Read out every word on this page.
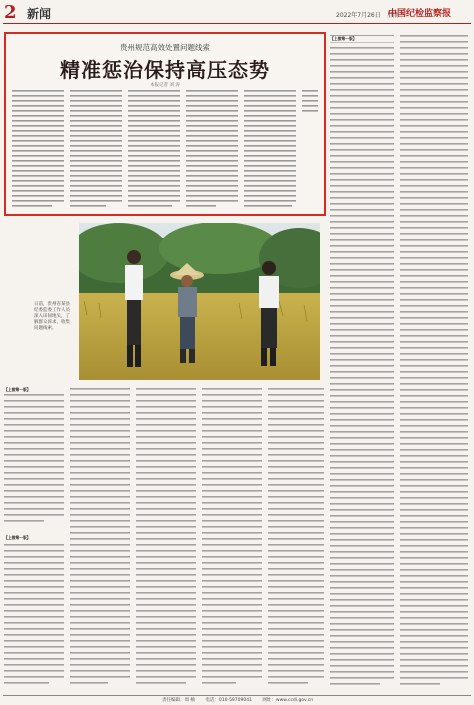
2 新闻	2022年7月26日　星期二
中国纪检监察报
贵州规范高效处置问题线索
精准惩治保持高压态势
本报记者 刘 涛
【上接第一版】
日前，贵州省某县纪委监委工作人员深入田间地头，了解群众诉求，收集问题线索。
【上接第一版】
【上接第一版】
责任编辑：周 楠 　　电话：010-59709041 　　网址：www.ccdi.gov.cn
